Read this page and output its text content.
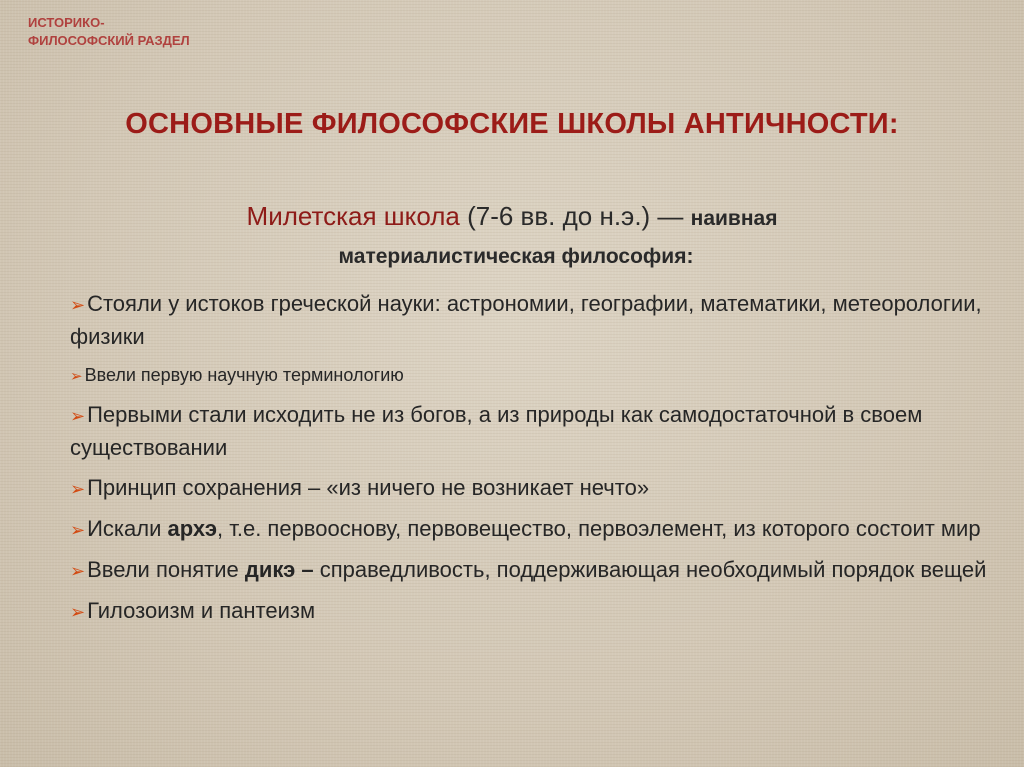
ИСТОРИКО-
ФИЛОСОФСКИЙ РАЗДЕЛ
ОСНОВНЫЕ ФИЛОСОФСКИЕ ШКОЛЫ АНТИЧНОСТИ:
Милетская школа (7-6 вв. до н.э.) — наивная
материалистическая философия:
➢Стояли у истоков греческой науки: астрономии, географии, математики, метеорологии, физики
➢ Ввели первую научную терминологию
➢Первыми стали исходить не из богов, а из природы как самодостаточной в своем существовании
➢Принцип сохранения – «из ничего не возникает нечто»
➢Искали архэ, т.е. первооснову, первовещество, первоэлемент, из которого состоит мир
➢Ввели понятие дикэ – справедливость, поддерживающая необходимый порядок вещей
➢Гилозоизм и пантеизм
